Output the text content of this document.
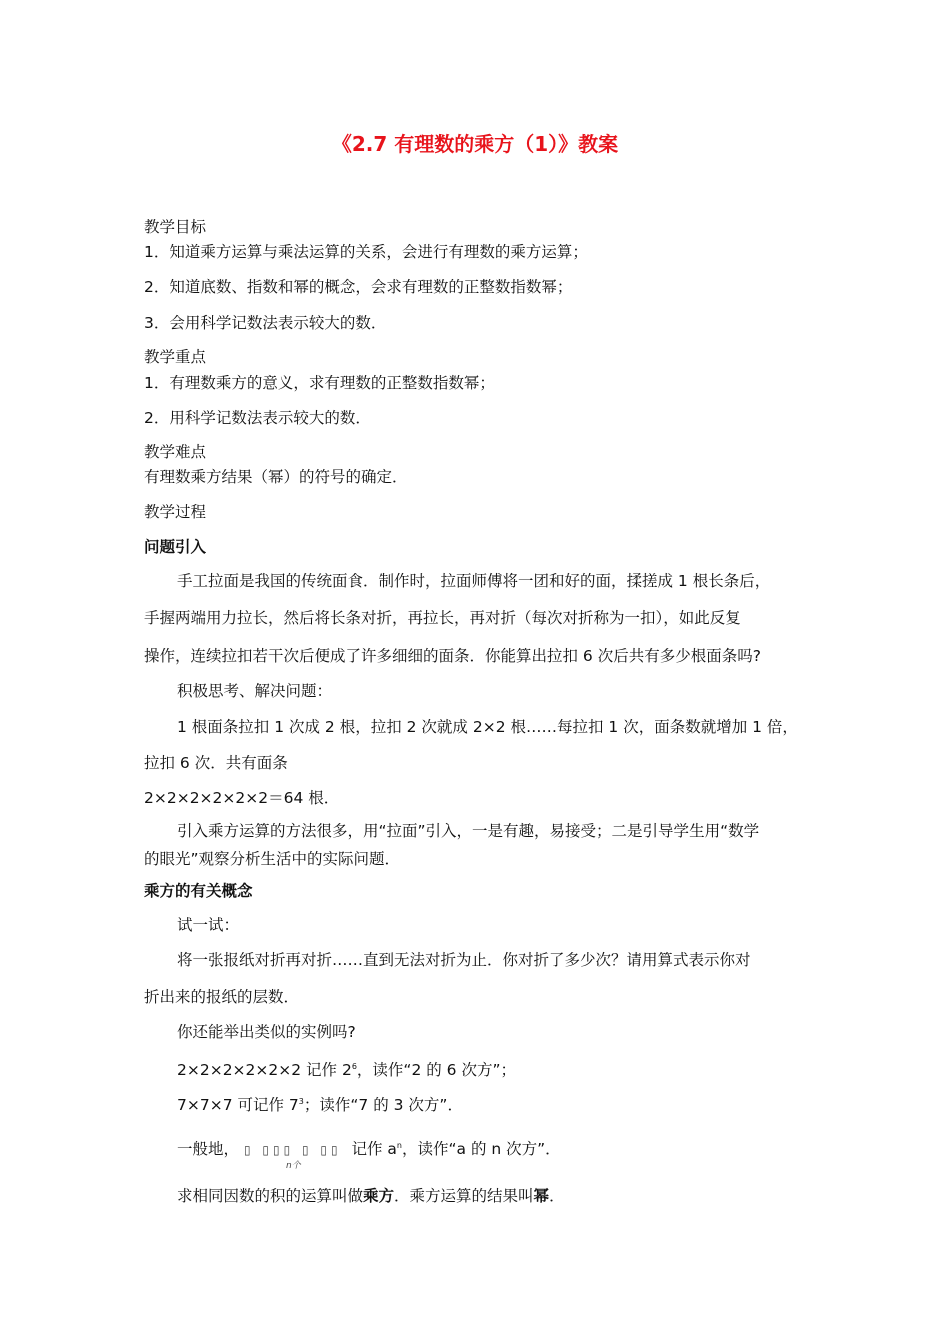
《2.7 有理数的乘方（1）》教案
教学目标
1．知道乘方运算与乘法运算的关系，会进行有理数的乘方运算；
2．知道底数、指数和幂的概念，会求有理数的正整数指数幂；
3．会用科学记数法表示较大的数．
教学重点
1．有理数乘方的意义，求有理数的正整数指数幂；
2．用科学记数法表示较大的数．
教学难点
有理数乘方结果（幂）的符号的确定．
教学过程
问题引入
手工拉面是我国的传统面食．制作时，拉面师傅将一团和好的面，揉搓成 1 根长条后，
手握两端用力拉长，然后将长条对折，再拉长，再对折（每次对折称为一扣），如此反复
操作，连续拉扣若干次后便成了许多细细的面条．你能算出拉扣 6 次后共有多少根面条吗?
积极思考、解决问题：
1 根面条拉扣 1 次成 2 根，拉扣 2 次就成 2×2 根……每拉扣 1 次，面条数就增加 1 倍，
拉扣 6 次．共有面条
2×2×2×2×2×2＝64 根．
引入乘方运算的方法很多，用“拉面”引入，一是有趣，易接受；二是引导学生用“数学
的眼光”观察分析生活中的实际问题．
乘方的有关概念
试一试：
将一张报纸对折再对折……直到无法对折为止．你对折了多少次？请用算式表示你对
折出来的报纸的层数．
你还能举出类似的实例吗?
2×2×2×2×2×2 记作 $2^6$，读作“2 的 6 次方”；
7×7×7 可记作 $7^3$；读作“7 的 3 次方”．
一般地， ▯ ▯▯▯ ▯ ▯▯
n个
记作 $a^n$，读作“a 的 n 次方”．
求相同因数的积的运算叫做乘方．乘方运算的结果叫幂．
